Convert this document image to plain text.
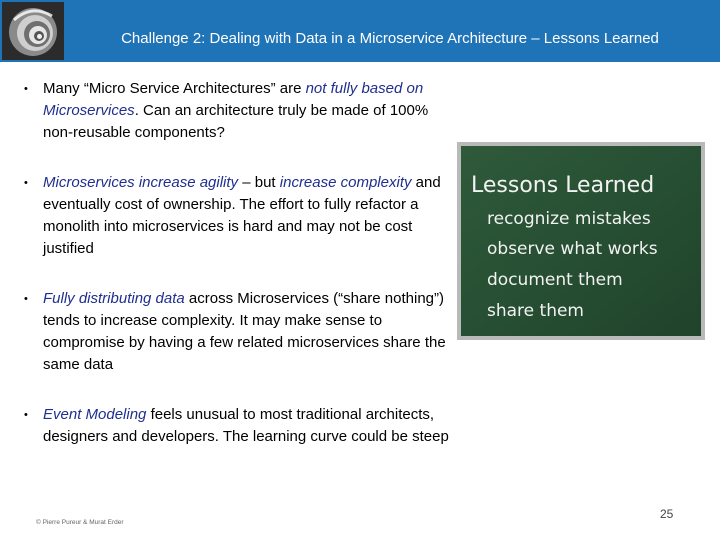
Challenge 2: Dealing with Data in a Microservice Architecture – Lessons Learned
• Many “Micro Service Architectures” are not fully based on Microservices. Can an architecture truly be made of 100% non-reusable components?
• Microservices increase agility – but increase complexity and eventually cost of ownership. The effort to fully refactor a monolith into microservices is hard and may not be cost justified
• Fully distributing data across Microservices (“share nothing”) tends to increase complexity. It may make sense to compromise by having a few related microservices share the same data
• Event Modeling feels unusual to most traditional architects, designers and developers. The learning curve could be steep
Lessons Learned
recognize mistakes
observe what works
document them
share them
© Pierre Pureur & Murat Erder
25
